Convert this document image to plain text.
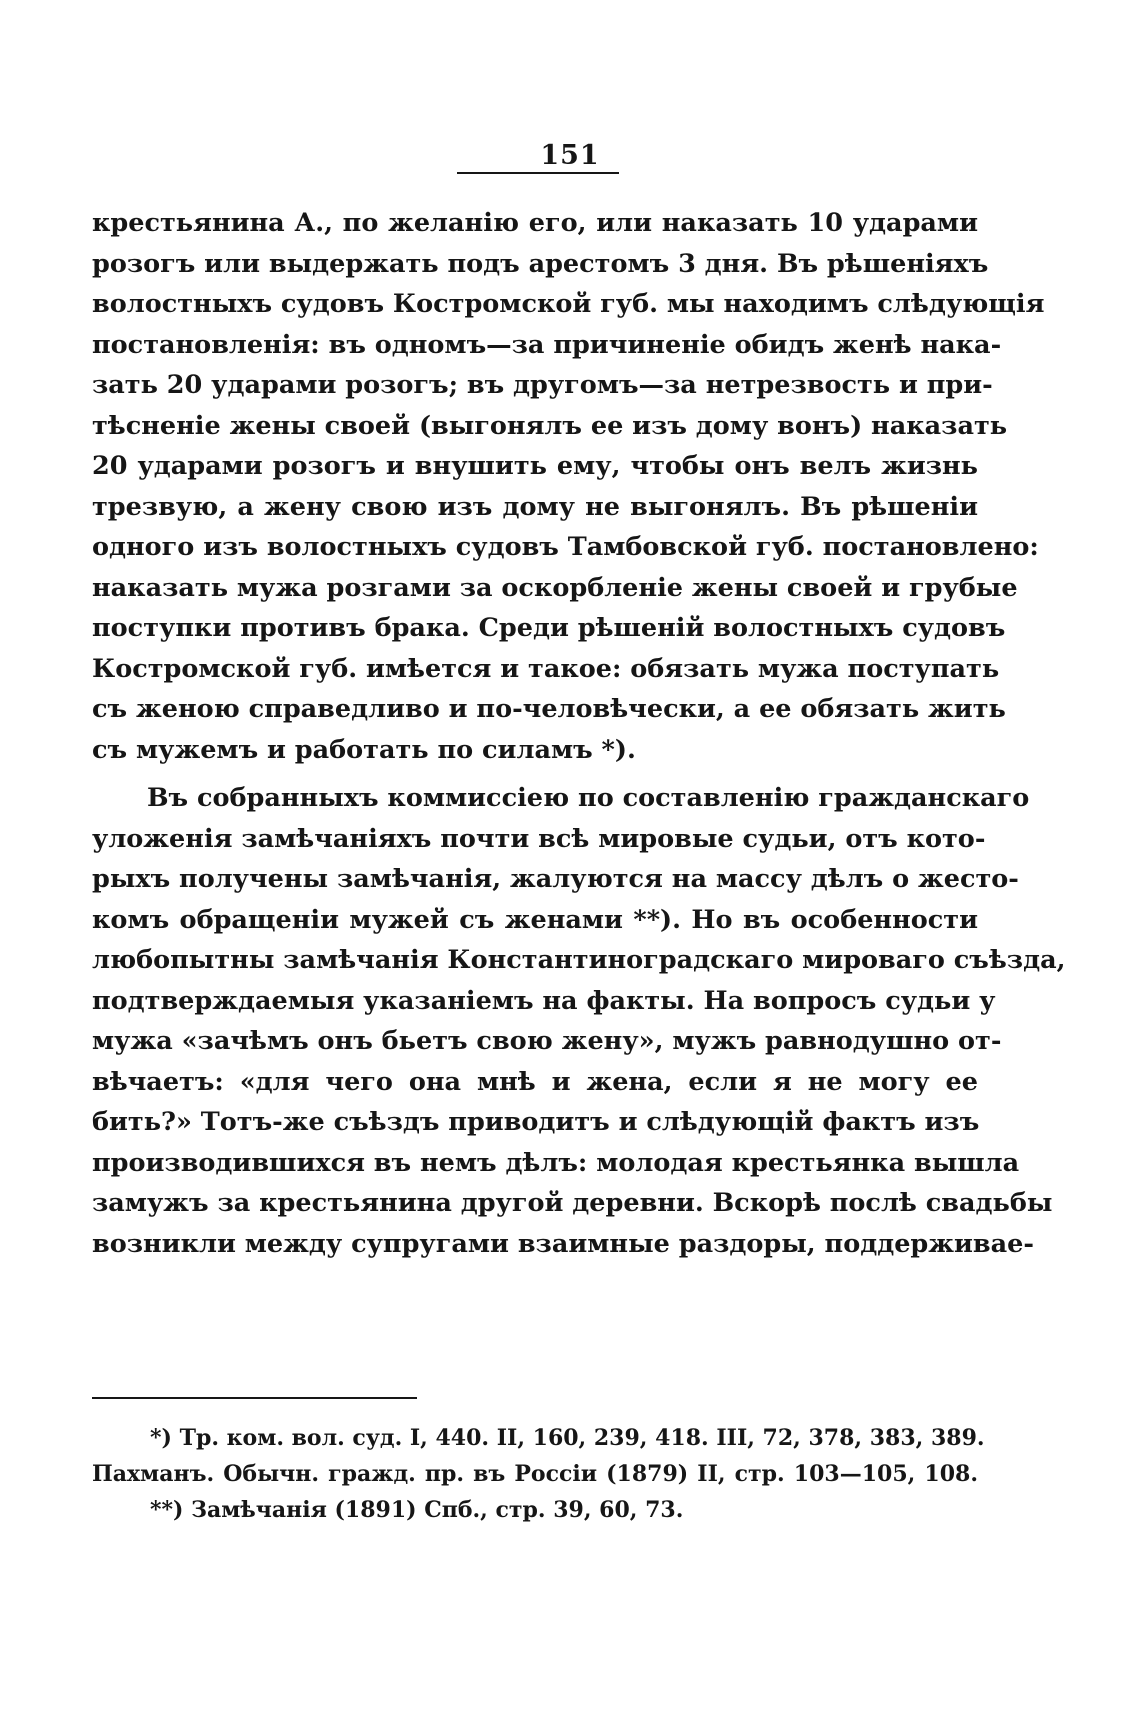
151
крестьянина А., по желанію его, или наказать 10 ударами
розогъ или выдержать подъ арестомъ 3 дня. Въ рѣшеніяхъ
волостныхъ судовъ Костромской губ. мы находимъ слѣдующія
постановленія: въ одномъ—за причиненіе обидъ женѣ нака-
зать 20 ударами розогъ; въ другомъ—за нетрезвость и при-
тѣсненіе жены своей (выгонялъ ее изъ дому вонъ) наказать
20 ударами розогъ и внушить ему, чтобы онъ велъ жизнь
трезвую, а жену свою изъ дому не выгонялъ. Въ рѣшеніи
одного изъ волостныхъ судовъ Тамбовской губ. постановлено:
наказать мужа розгами за оскорбленіе жены своей и грубые
поступки противъ брака. Среди рѣшеній волостныхъ судовъ
Костромской губ. имѣется и такое: обязать мужа поступать
съ женою справедливо и по-человѣчески, а ее обязать жить
съ мужемъ и работать по силамъ *).
Въ собранныхъ коммиссіею по составленію гражданскаго
уложенія замѣчаніяхъ почти всѣ мировые судьи, отъ кото-
рыхъ получены замѣчанія, жалуются на массу дѣлъ о жесто-
комъ обращеніи мужей съ женами **). Но въ особенности
любопытны замѣчанія Константиноградскаго мироваго съѣзда,
подтверждаемыя указаніемъ на факты. На вопросъ судьи у
мужа «зачѣмъ онъ бьетъ свою жену», мужъ равнодушно от-
вѣчаетъ: «для чего она мнѣ и жена, если я не могу ее
бить?» Тотъ-же съѣздъ приводитъ и слѣдующій фактъ изъ
производившихся въ немъ дѣлъ: молодая крестьянка вышла
замужъ за крестьянина другой деревни. Вскорѣ послѣ свадьбы
возникли между супругами взаимные раздоры, поддерживае-
*) Тр. ком. вол. суд. I, 440. II, 160, 239, 418. III, 72, 378, 383, 389.
Пахманъ. Обычн. гражд. пр. въ Россіи (1879) II, стр. 103—105, 108.
**) Замѣчанія (1891) Спб., стр. 39, 60, 73.
